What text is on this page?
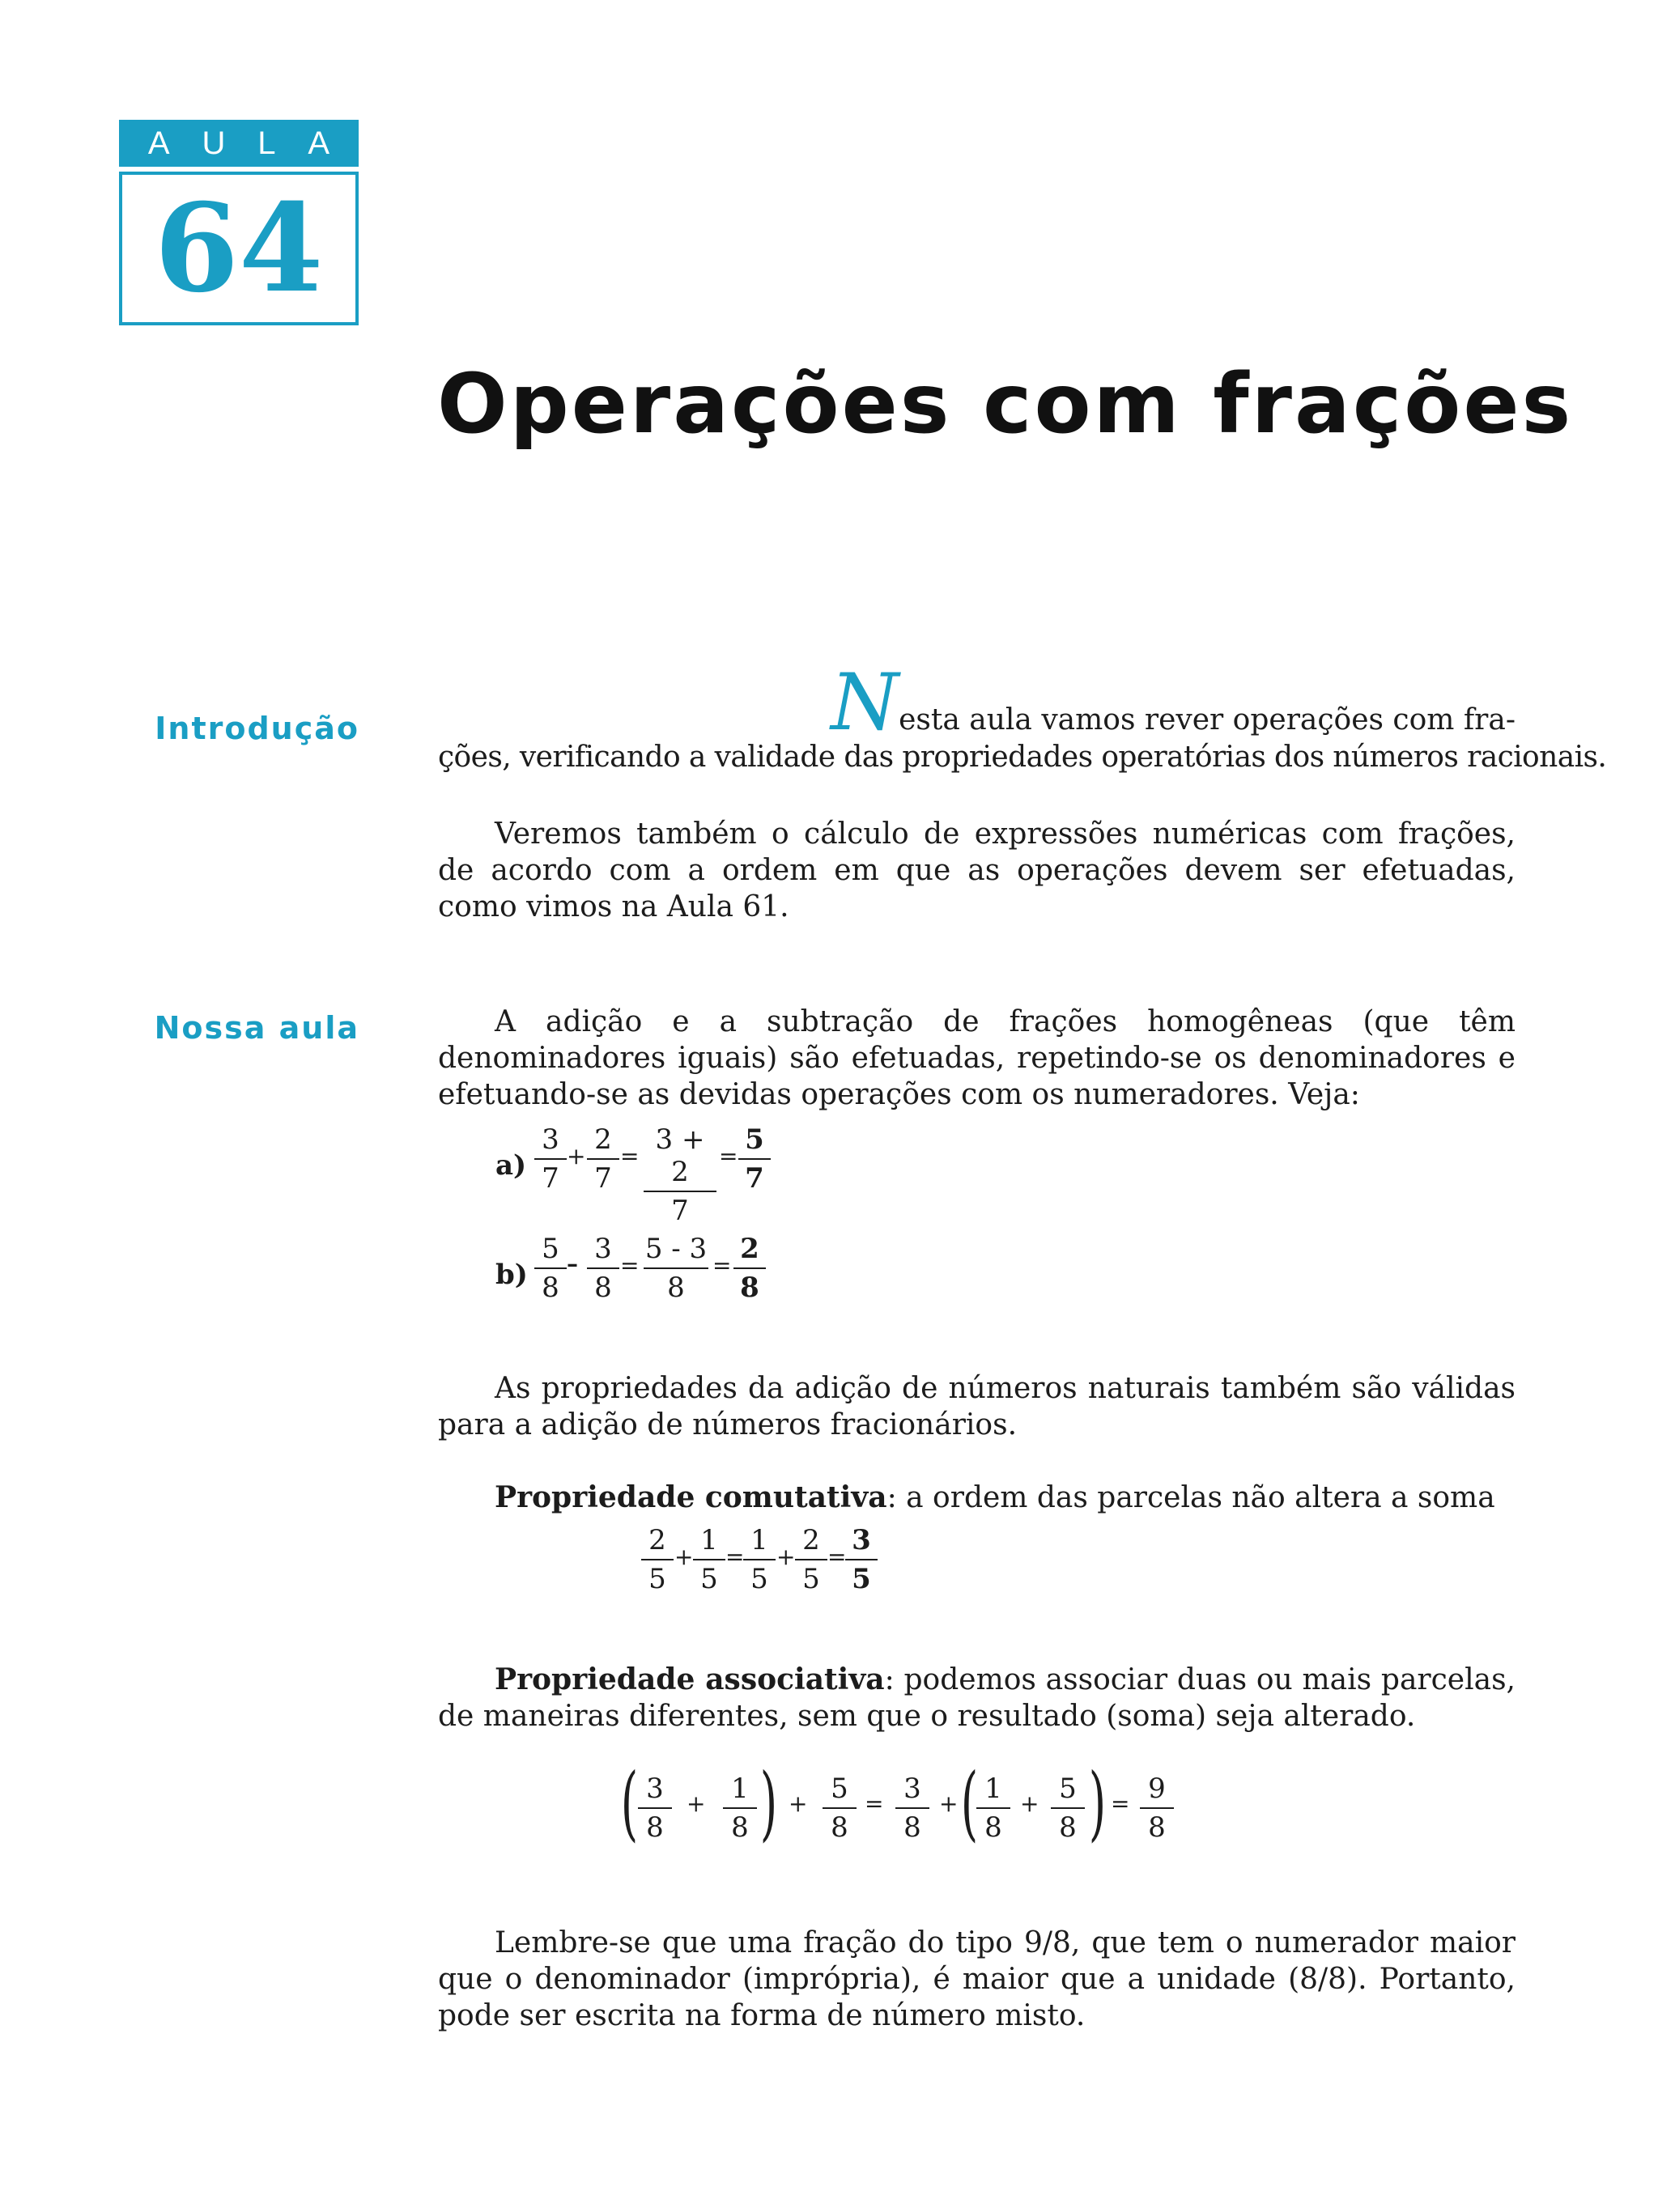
A U L A
64
Operações com frações
Introdução
Nossa aula
Nesta aula vamos rever operações com fra-
ções, verificando a validade das propriedades operatórias dos números racionais.
Veremos também o cálculo de expressões numéricas com frações, de acordo com a ordem em que as operações devem ser efetuadas, como vimos na Aula 61.
A adição e a subtração de frações homogêneas (que têm denominadores iguais) são efetuadas, repetindo-se os denominadores e efetuando-se as devidas operações com os numeradores. Veja:
a)
3
7
+
2
7
=
3 + 2
7
=
5
7
b)
5
8
– 3
8
=
5 - 3
8
=
2
8
As propriedades da adição de números naturais também são válidas para a adição de números fracionários.
Propriedade comutativa: a ordem das parcelas não altera a soma
2
5
+
1
5
=
1
5
+
2
5
=
3
5
Propriedade associativa: podemos associar duas ou mais parcelas, de maneiras diferentes, sem que o resultado (soma) seja alterado.
( 3
8
+ 1
8 ) + 5
8
= 3
8
+ ( 1
8
+ 5
8 ) = 9
8
Lembre-se que uma fração do tipo 9/8, que tem o numerador maior que o denominador (imprópria), é maior que a unidade (8/8). Portanto, pode ser escrita na forma de número misto.
